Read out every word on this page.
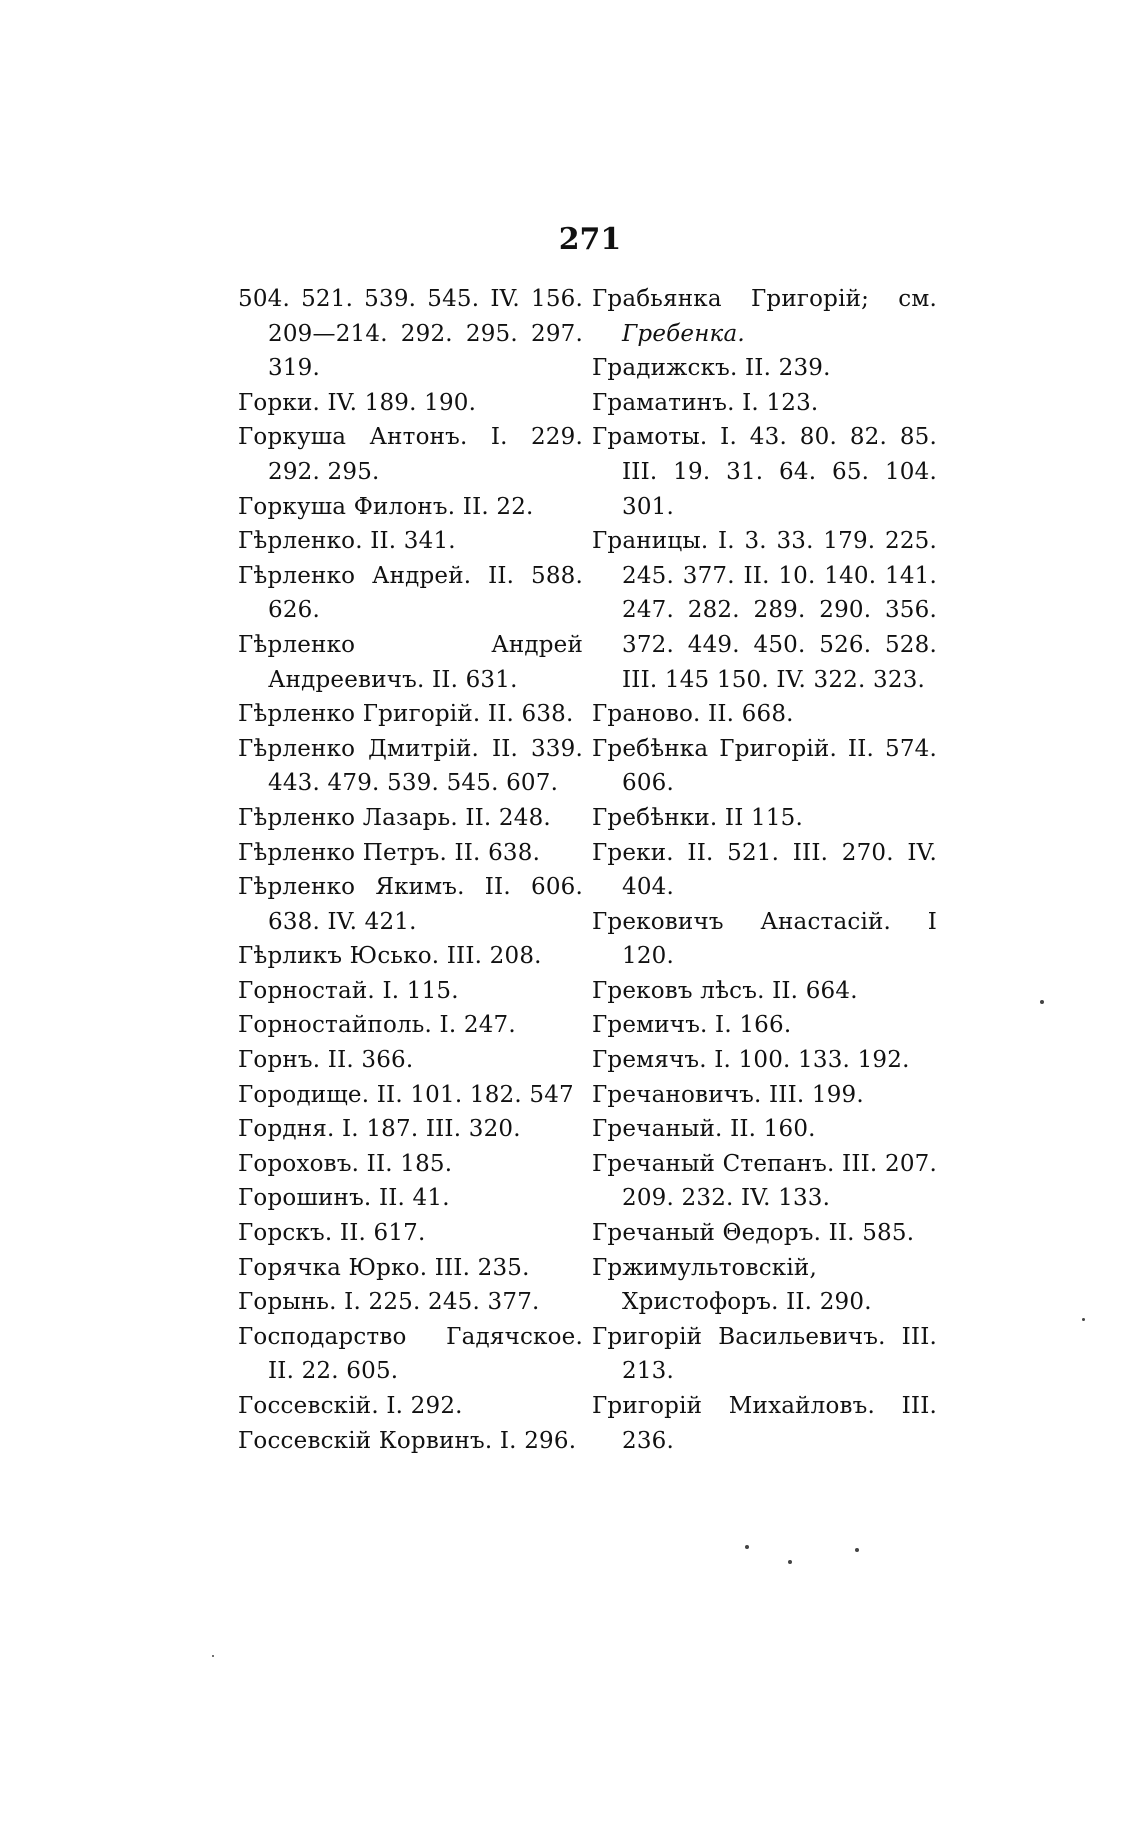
271
504. 521. 539. 545. IV. 156. 209—214. 292. 295. 297. 319.
Горки. IV. 189. 190.
Горкуша Антонъ. I. 229. 292. 295.
Горкуша Филонъ. II. 22.
Гѣрленко. II. 341.
Гѣрленко Андрей. II. 588. 626.
Гѣрленко Андрей Андреевичъ. II. 631.
Гѣрленко Григорій. II. 638.
Гѣрленко Дмитрій. II. 339. 443. 479. 539. 545. 607.
Гѣрленко Лазарь. II. 248.
Гѣрленко Петръ. II. 638.
Гѣрленко Якимъ. II. 606. 638. IV. 421.
Гѣрликъ Юсько. III. 208.
Горностай. I. 115.
Горностайполь. I. 247.
Горнъ. II. 366.
Городище. II. 101. 182. 547
Гордня. I. 187. III. 320.
Гороховъ. II. 185.
Горошинъ. II. 41.
Горскъ. II. 617.
Горячка Юрко. III. 235.
Горынь. I. 225. 245. 377.
Господарство Гадячское. II. 22. 605.
Госсевскій. I. 292.
Госсевскій Корвинъ. I. 296.
Грабьянка Григорій; см. Гребенка.
Градижскъ. II. 239.
Граматинъ. I. 123.
Грамоты. I. 43. 80. 82. 85. III. 19. 31. 64. 65. 104. 301.
Границы. I. 3. 33. 179. 225. 245. 377. II. 10. 140. 141. 247. 282. 289. 290. 356. 372. 449. 450. 526. 528. III. 145 150. IV. 322. 323.
Граново. II. 668.
Гребѣнка Григорій. II. 574. 606.
Гребѣнки. II 115.
Греки. II. 521. III. 270. IV. 404.
Грековичъ Анастасій. I 120.
Грековъ лѣсъ. II. 664.
Гремичъ. I. 166.
Гремячъ. I. 100. 133. 192.
Гречановичъ. III. 199.
Гречаный. II. 160.
Гречаный Степанъ. III. 207. 209. 232. IV. 133.
Гречаный Θедоръ. II. 585.
Гржимультовскій, Христофоръ. II. 290.
Григорій Васильевичъ. III. 213.
Григорій Михайловъ. III. 236.
